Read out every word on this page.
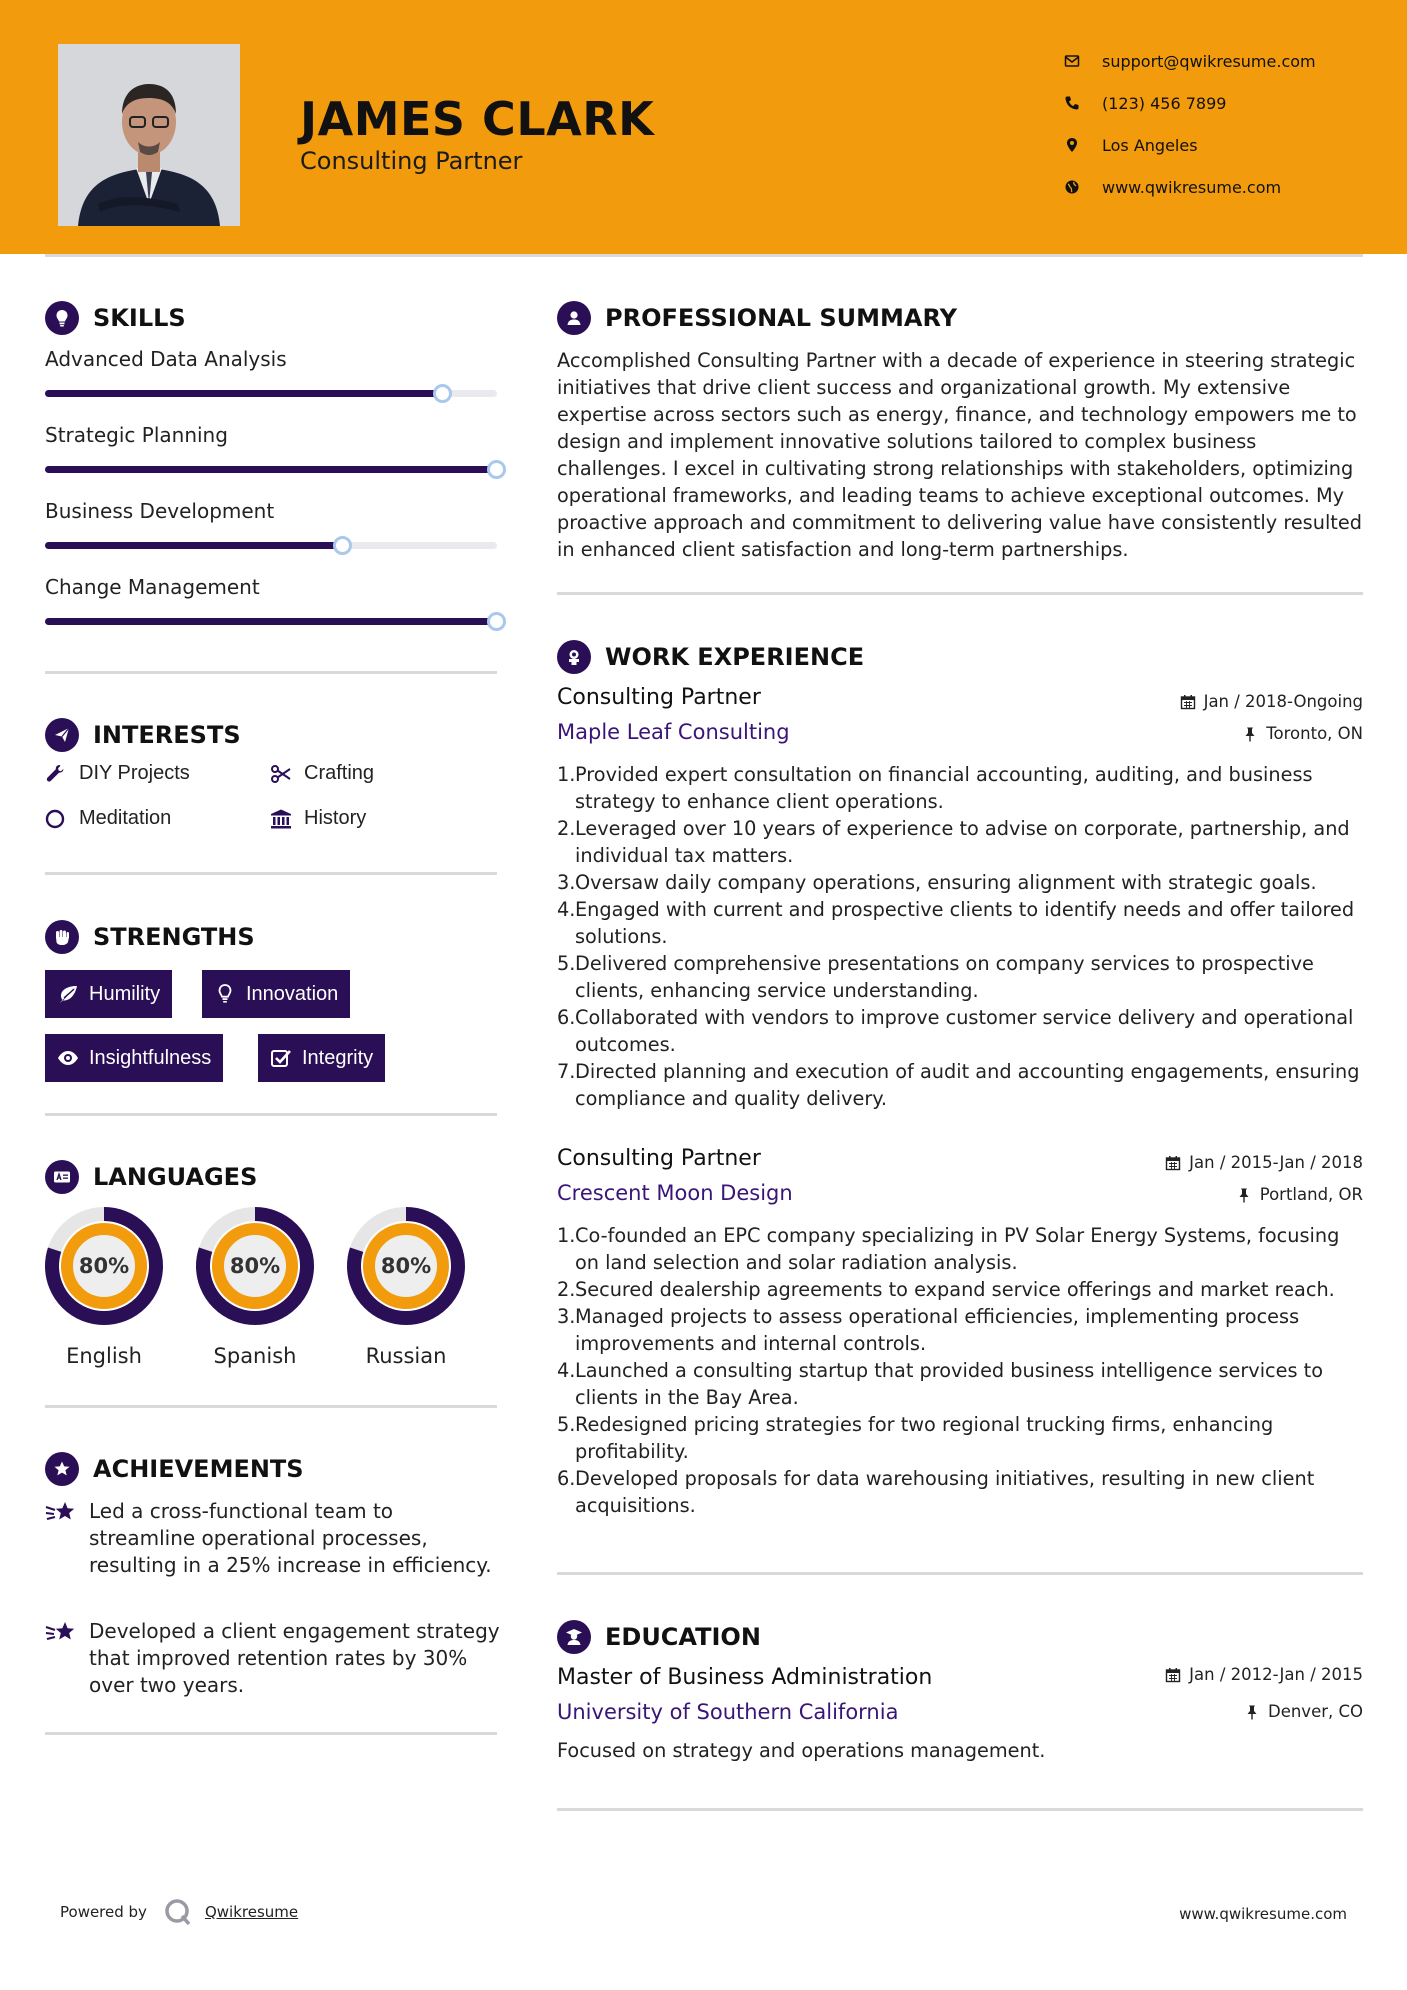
JAMES CLARK
Consulting Partner
support@qwikresume.com
(123) 456 7899
Los Angeles
www.qwikresume.com
SKILLS
Advanced Data Analysis
Strategic Planning
Business Development
Change Management
INTERESTS
DIY Projects	Crafting
Meditation	History
STRENGTHS
Humility	Innovation
Insightfulness	Integrity
LANGUAGES
80%
English
80%
Spanish
80%
Russian
ACHIEVEMENTS
Led a cross-functional team to streamline operational processes, resulting in a 25% increase in efficiency.
Developed a client engagement strategy that improved retention rates by 30% over two years.
PROFESSIONAL SUMMARY
Accomplished Consulting Partner with a decade of experience in steering strategic initiatives that drive client success and organizational growth. My extensive expertise across sectors such as energy, finance, and technology empowers me to design and implement innovative solutions tailored to complex business challenges. I excel in cultivating strong relationships with stakeholders, optimizing operational frameworks, and leading teams to achieve exceptional outcomes. My proactive approach and commitment to delivering value have consistently resulted in enhanced client satisfaction and long-term partnerships.
WORK EXPERIENCE
Consulting Partner
Maple Leaf Consulting
Jan / 2018-Ongoing
Toronto, ON
1. Provided expert consultation on financial accounting, auditing, and business strategy to enhance client operations.
2. Leveraged over 10 years of experience to advise on corporate, partnership, and individual tax matters.
3. Oversaw daily company operations, ensuring alignment with strategic goals.
4. Engaged with current and prospective clients to identify needs and offer tailored solutions.
5. Delivered comprehensive presentations on company services to prospective clients, enhancing service understanding.
6. Collaborated with vendors to improve customer service delivery and operational outcomes.
7. Directed planning and execution of audit and accounting engagements, ensuring compliance and quality delivery.
Consulting Partner
Crescent Moon Design
Jan / 2015-Jan / 2018
Portland, OR
1. Co-founded an EPC company specializing in PV Solar Energy Systems, focusing on land selection and solar radiation analysis.
2. Secured dealership agreements to expand service offerings and market reach.
3. Managed projects to assess operational efficiencies, implementing process improvements and internal controls.
4. Launched a consulting startup that provided business intelligence services to clients in the Bay Area.
5. Redesigned pricing strategies for two regional trucking firms, enhancing profitability.
6. Developed proposals for data warehousing initiatives, resulting in new client acquisitions.
EDUCATION
Master of Business Administration
University of Southern California
Jan / 2012-Jan / 2015
Denver, CO
Focused on strategy and operations management.
Powered by	Qwikresume	www.qwikresume.com
